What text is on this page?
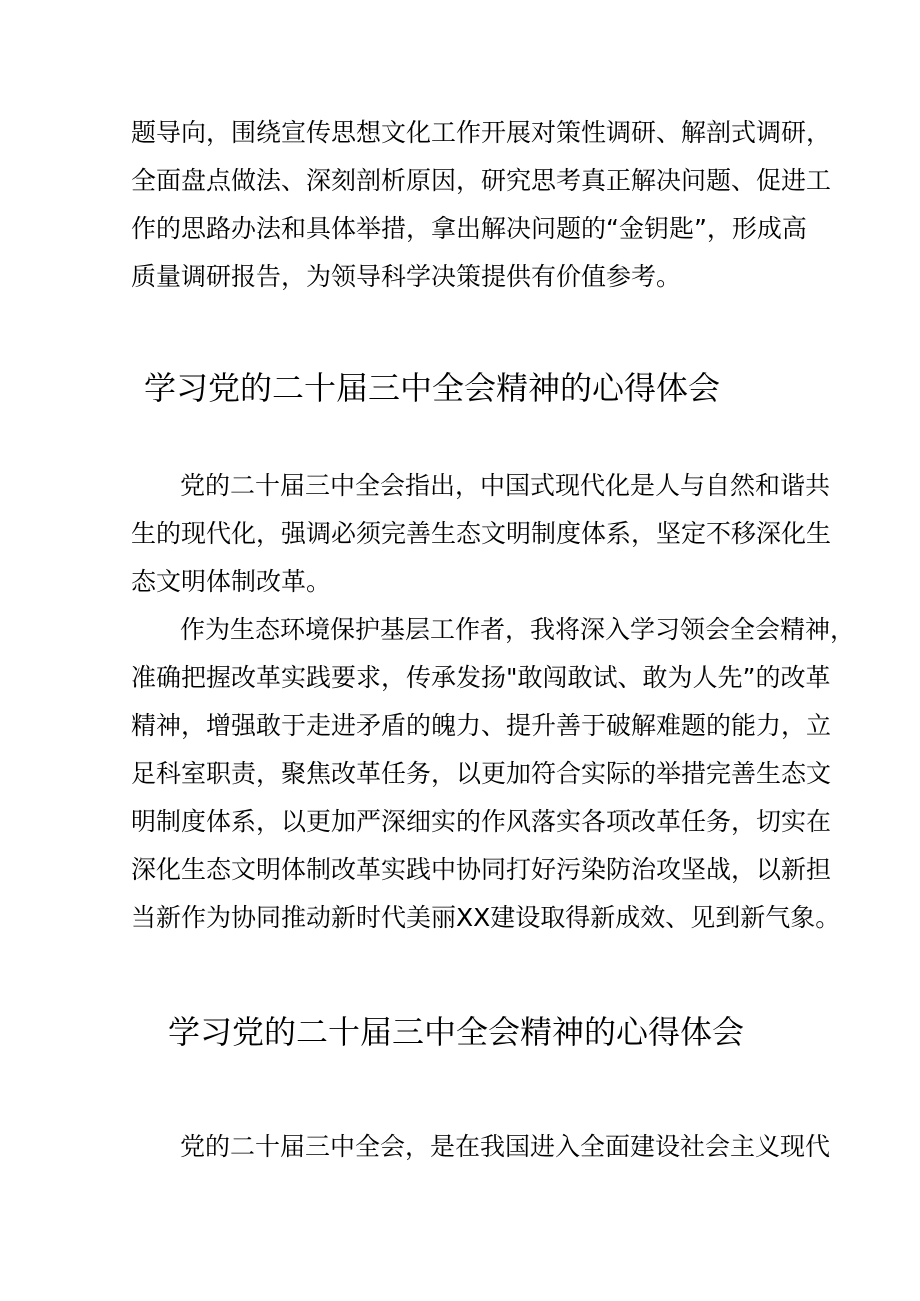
题导向，围绕宣传思想文化工作开展对策性调研、解剖式调研，
全面盘点做法、深刻剖析原因，研究思考真正解决问题、促进工
作的思路办法和具体举措，拿出解决问题的“金钥匙”，形成高
质量调研报告，为领导科学决策提供有价值参考。
学习党的二十届三中全会精神的心得体会
党的二十届三中全会指出，中国式现代化是人与自然和谐共
生的现代化，强调必须完善生态文明制度体系，坚定不移深化生
态文明体制改革。
作为生态环境保护基层工作者，我将深入学习领会全会精神，
准确把握改革实践要求，传承发扬"敢闯敢试、敢为人先”的改革
精神，增强敢于走进矛盾的魄力、提升善于破解难题的能力，立
足科室职责，聚焦改革任务，以更加符合实际的举措完善生态文
明制度体系，以更加严深细实的作风落实各项改革任务，切实在
深化生态文明体制改革实践中协同打好污染防治攻坚战，以新担
当新作为协同推动新时代美丽XX建设取得新成效、见到新气象。
学习党的二十届三中全会精神的心得体会
党的二十届三中全会，是在我国进入全面建设社会主义现代
